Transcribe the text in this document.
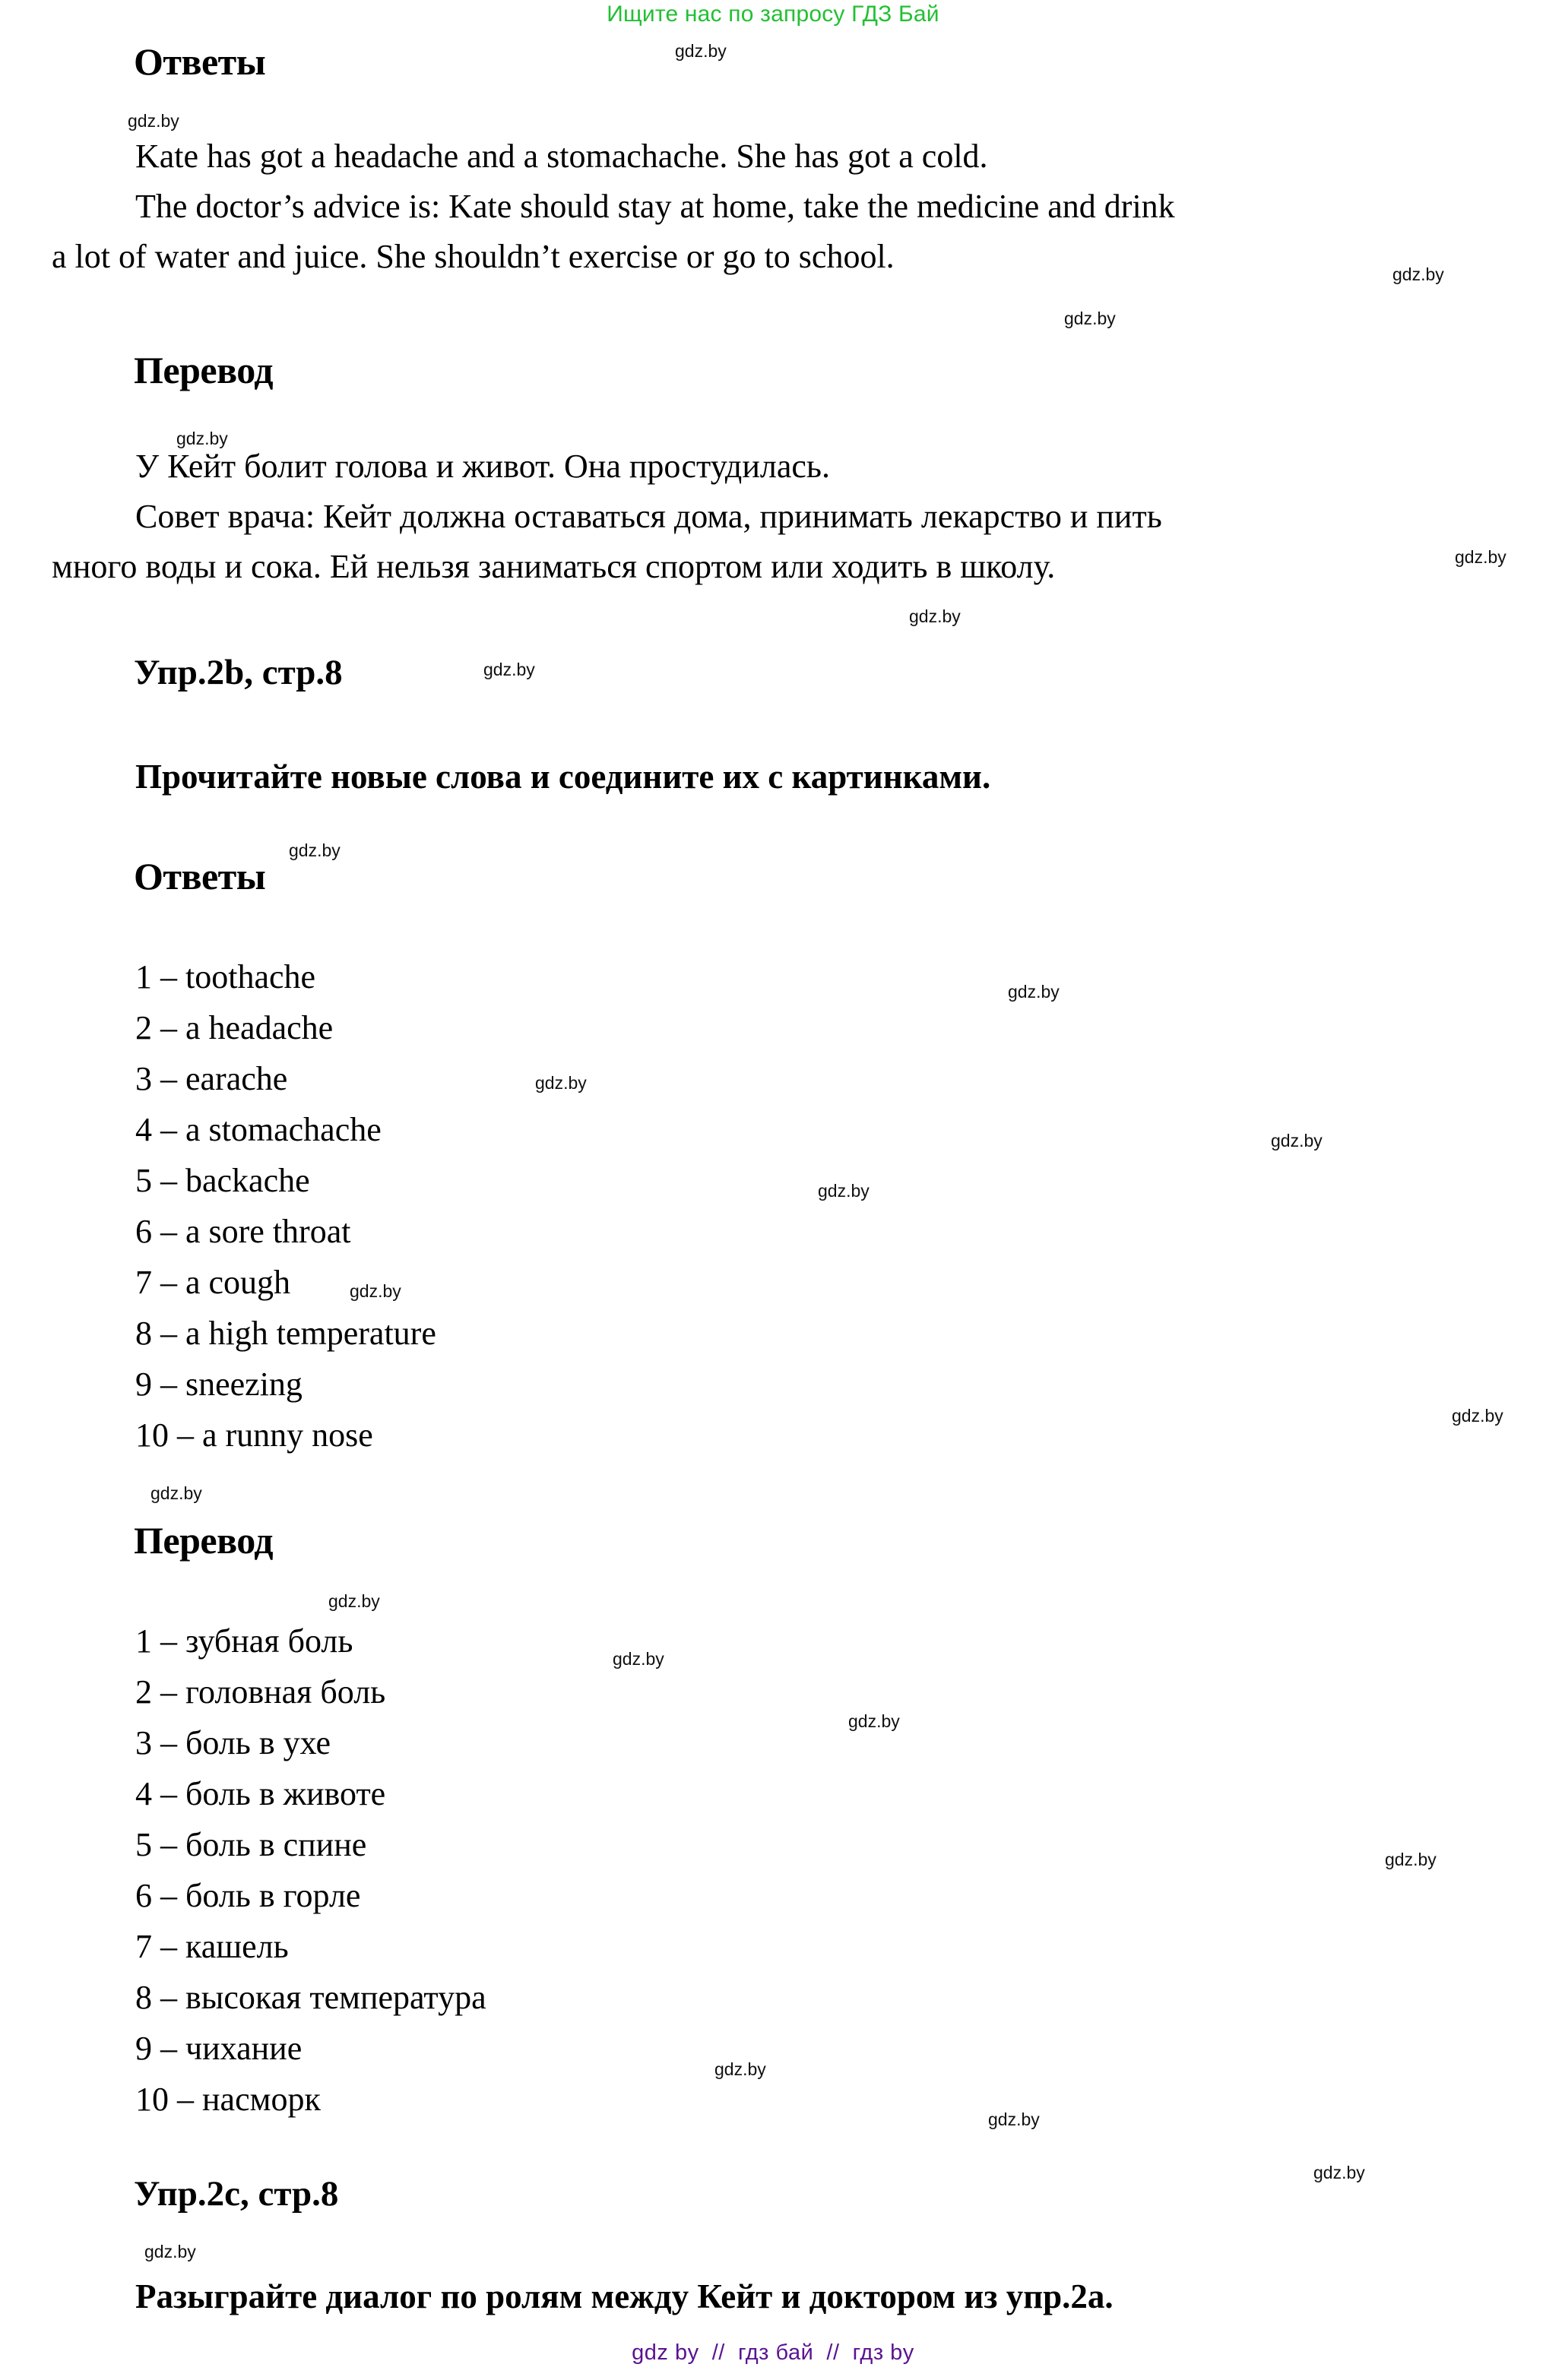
Ищите нас по запросу ГДЗ Бай
gdz.by
gdz.by
gdz.by
gdz.by
gdz.by
gdz.by
gdz.by
gdz.by
gdz.by
gdz.by
gdz.by
gdz.by
gdz.by
gdz.by
gdz.by
gdz.by
gdz.by
gdz.by
gdz.by
gdz.by
gdz.by
gdz.by
gdz.by
gdz.by
Ответы
Kate has got a headache and a stomachache. She has got a cold.
The doctor’s advice is: Kate should stay at home, take the medicine and drink
a lot of water and juice. She shouldn’t exercise or go to school.
Перевод
У Кейт болит голова и живот. Она простудилась.
Совет врача: Кейт должна оставаться дома, принимать лекарство и пить
много воды и сока. Ей нельзя заниматься спортом или ходить в школу.
Упр.2b, стр.8
Прочитайте новые слова и соедините их с картинками.
Ответы
1 – toothache
2 – a headache
3 – earache
4 – a stomachache
5 – backache
6 – a sore throat
7 – a cough
8 – a high temperature
9 – sneezing
10 – a runny nose
Перевод
1 – зубная боль
2 – головная боль
3 – боль в ухе
4 – боль в животе
5 – боль в спине
6 – боль в горле
7 – кашель
8 – высокая температура
9 – чихание
10 – насморк
Упр.2c, стр.8
Разыграйте диалог по ролям между Кейт и доктором из упр.2a.
gdz by  //  гдз бай  //  гдз by
